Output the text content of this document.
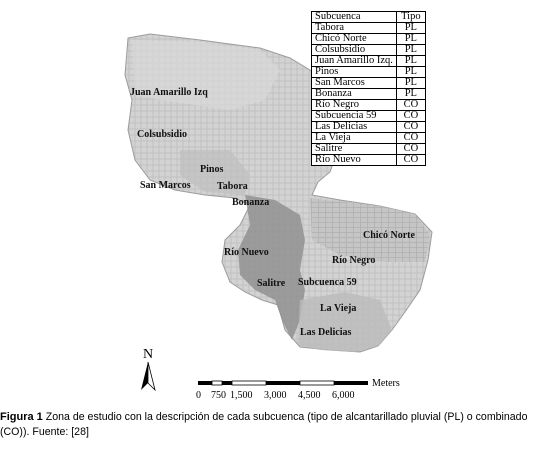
Juan Amarillo Izq
Colsubsidio
Pinos
San Marcos	Tabora
Bonanza
Chicó Norte
Río Nuevo
Río Negro
Salitre Subcuenca 59
La Vieja
Las Delicias
N
Meters
0 750 1,500 3,000 4,500 6,000
Subcuenca	Tipo
Tabora	PL
Chicó Norte	PL
Colsubsidio	PL
Juan Amarillo Izq.	PL
Pinos	PL
San Marcos	PL
Bonanza	PL
Río Negro	CO
Subcuencia 59	CO
Las Delicias	CO
La Vieja	CO
Salitre	CO
Río Nuevo	CO
Figura 1 Zona de estudio con la descripción de cada subcuenca (tipo de alcantarillado pluvial (PL) o combinado (CO)). Fuente: [28]
